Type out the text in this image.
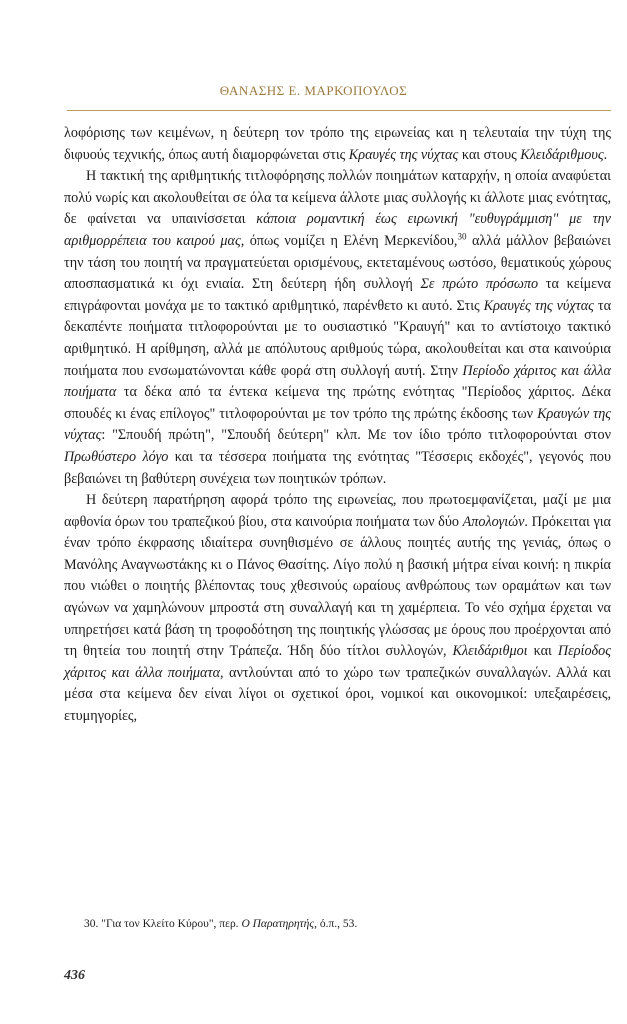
ΘΑΝΑΣΗΣ Ε. ΜΑΡΚΟΠΟΥΛΟΣ

λοφόρισης των κειμένων, η δεύτερη τον τρόπο της ειρωνείας και η τελευταία την τύχη της διφυούς τεχνικής, όπως αυτή διαμορφώνεται στις Κραυγές της νύχτας και στους Κλειδάριθμους.

Η τακτική της αριθμητικής τιτλοφόρησης πολλών ποιημάτων καταρχήν, η οποία αναφύεται πολύ νωρίς και ακολουθείται σε όλα τα κείμενα άλλοτε μιας συλλογής κι άλλοτε μιας ενότητας, δε φαίνεται να υπαινίσσεται κάποια ρομαντική έως ειρωνική "ευθυγράμμιση" με την αριθμορρέπεια του καιρού μας, όπως νομίζει η Ελένη Μερκενίδου,$^{30}$ αλλά μάλλον βεβαιώνει την τάση του ποιητή να πραγματεύεται ορισμένους, εκτεταμένους ωστόσο, θεματικούς χώρους αποσπασματικά κι όχι ενιαία. Στη δεύτερη ήδη συλλογή Σε πρώτο πρόσωπο τα κείμενα επιγράφονται μονάχα με το τακτικό αριθμητικό, παρένθετο κι αυτό. Στις Κραυγές της νύχτας τα δεκαπέντε ποιήματα τιτλοφορούνται με το ουσιαστικό "Κραυγή" και το αντίστοιχο τακτικό αριθμητικό. Η αρίθμηση, αλλά με απόλυτους αριθμούς τώρα, ακολουθείται και στα καινούρια ποιήματα που ενσωματώνονται κάθε φορά στη συλλογή αυτή. Στην Περίοδο χάριτος και άλλα ποιήματα τα δέκα από τα έντεκα κείμενα της πρώτης ενότητας "Περίοδος χάριτος. Δέκα σπουδές κι ένας επίλογος" τιτλοφορούνται με τον τρόπο της πρώτης έκδοσης των Κραυγών της νύχτας: "Σπουδή πρώτη", "Σπουδή δεύτερη" κλπ. Με τον ίδιο τρόπο τιτλοφορούνται στον Πρωθύστερο λόγο και τα τέσσερα ποιήματα της ενότητας "Τέσσερις εκδοχές", γεγονός που βεβαιώνει τη βαθύτερη συνέχεια των ποιητικών τρόπων.

Η δεύτερη παρατήρηση αφορά τρόπο της ειρωνείας, που πρωτοεμφανίζεται, μαζί με μια αφθονία όρων του τραπεζικού βίου, στα καινούρια ποιήματα των δύο Απολογιών. Πρόκειται για έναν τρόπο έκφρασης ιδιαίτερα συνηθισμένο σε άλλους ποιητές αυτής της γενιάς, όπως ο Μανόλης Αναγνωστάκης κι ο Πάνος Θασίτης. Λίγο πολύ η βασική μήτρα είναι κοινή: η πικρία που νιώθει ο ποιητής βλέποντας τους χθεσινούς ωραίους ανθρώπους των οραμάτων και των αγώνων να χαμηλώνουν μπροστά στη συναλλαγή και τη χαμέρπεια. Το νέο σχήμα έρχεται να υπηρετήσει κατά βάση τη τροφοδότηση της ποιητικής γλώσσας με όρους που προέρχονται από τη θητεία του ποιητή στην Τράπεζα. Ήδη δύο τίτλοι συλλογών, Κλειδάριθμοι και Περίοδος χάριτος και άλλα ποιήματα, αντλούνται από το χώρο των τραπεζικών συναλλαγών. Αλλά και μέσα στα κείμενα δεν είναι λίγοι οι σχετικοί όροι, νομικοί και οικονομικοί: υπεξαιρέσεις, ετυμηγορίες,

30. "Για τον Κλείτο Κύρου", περ. Ο Παρατηρητής, ό.π., 53.
436
